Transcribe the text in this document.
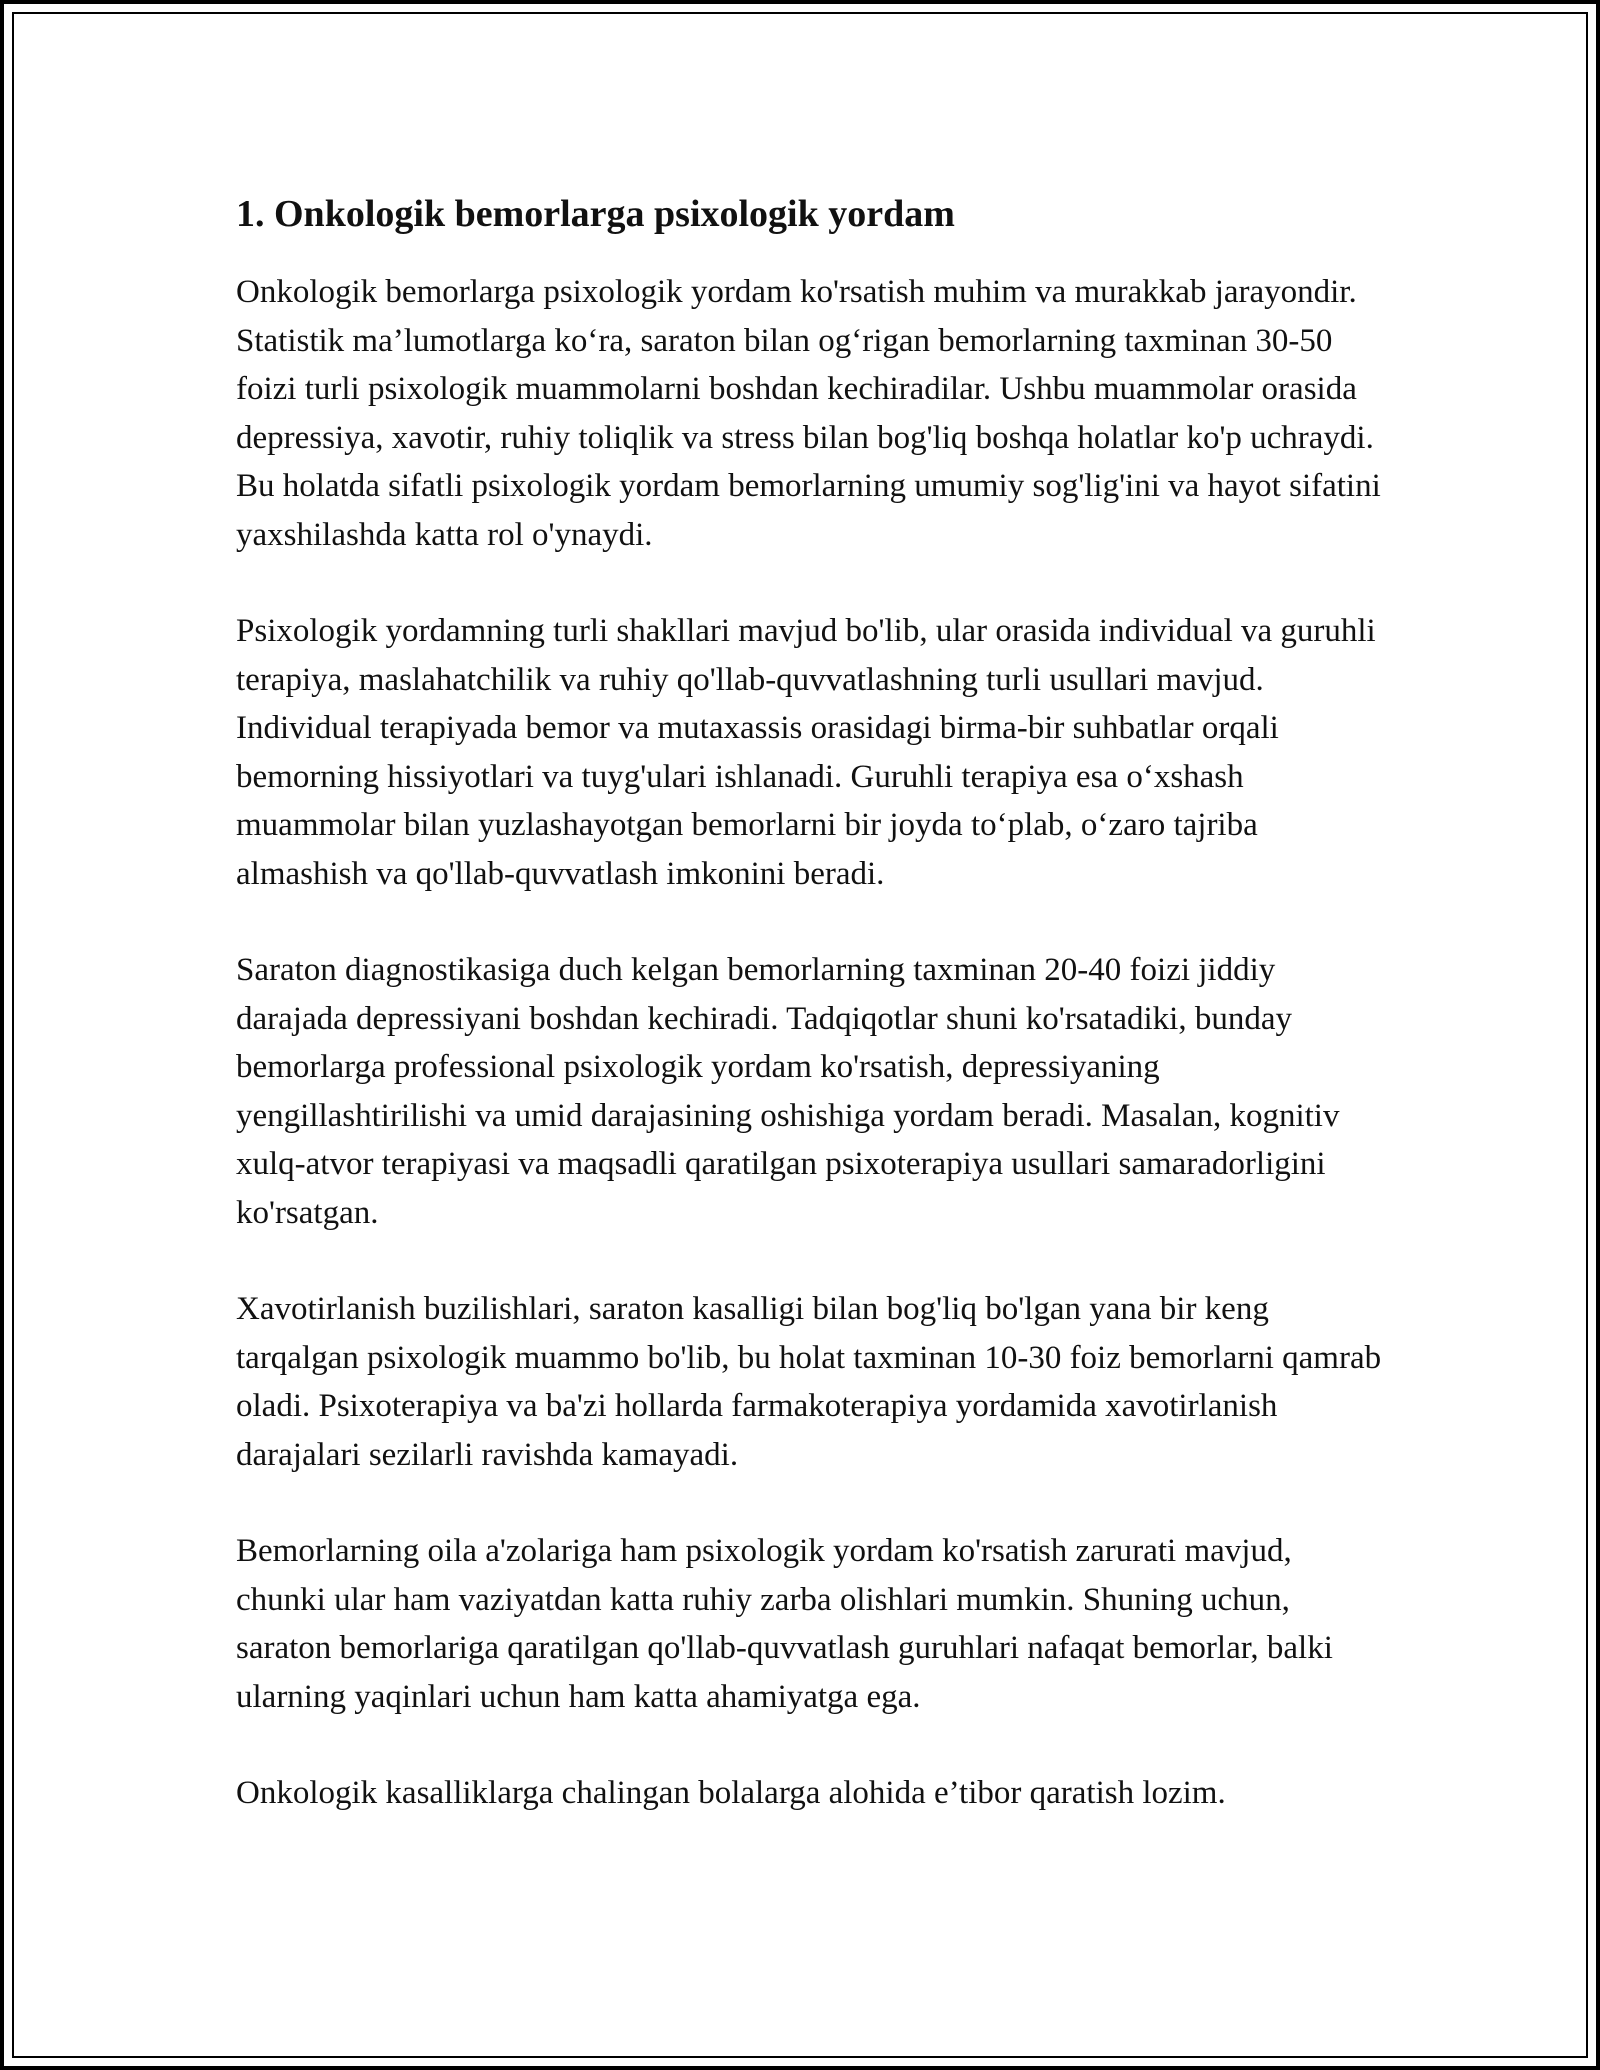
1. Onkologik bemorlarga psixologik yordam

Onkologik bemorlarga psixologik yordam ko'rsatish muhim va murakkab jarayondir. Statistik ma’lumotlarga ko‘ra, saraton bilan og‘rigan bemorlarning taxminan 30-50 foizi turli psixologik muammolarni boshdan kechiradilar. Ushbu muammolar orasida depressiya, xavotir, ruhiy toliqlik va stress bilan bog'liq boshqa holatlar ko'p uchraydi. Bu holatda sifatli psixologik yordam bemorlarning umumiy sog'lig'ini va hayot sifatini yaxshilashda katta rol o'ynaydi.

Psixologik yordamning turli shakllari mavjud bo'lib, ular orasida individual va guruhli terapiya, maslahatchilik va ruhiy qo'llab-quvvatlashning turli usullari mavjud. Individual terapiyada bemor va mutaxassis orasidagi birma-bir suhbatlar orqali bemorning hissiyotlari va tuyg'ulari ishlanadi. Guruhli terapiya esa o‘xshash muammolar bilan yuzlashayotgan bemorlarni bir joyda to‘plab, o‘zaro tajriba almashish va qo'llab-quvvatlash imkonini beradi.

Saraton diagnostikasiga duch kelgan bemorlarning taxminan 20-40 foizi jiddiy darajada depressiyani boshdan kechiradi. Tadqiqotlar shuni ko'rsatadiki, bunday bemorlarga professional psixologik yordam ko'rsatish, depressiyaning yengillashtirilishi va umid darajasining oshishiga yordam beradi. Masalan, kognitiv xulq-atvor terapiyasi va maqsadli qaratilgan psixoterapiya usullari samaradorligini ko'rsatgan.

Xavotirlanish buzilishlari, saraton kasalligi bilan bog'liq bo'lgan yana bir keng tarqalgan psixologik muammo bo'lib, bu holat taxminan 10-30 foiz bemorlarni qamrab oladi. Psixoterapiya va ba'zi hollarda farmakoterapiya yordamida xavotirlanish darajalari sezilarli ravishda kamayadi.

Bemorlarning oila a'zolariga ham psixologik yordam ko'rsatish zarurati mavjud, chunki ular ham vaziyatdan katta ruhiy zarba olishlari mumkin. Shuning uchun, saraton bemorlariga qaratilgan qo'llab-quvvatlash guruhlari nafaqat bemorlar, balki ularning yaqinlari uchun ham katta ahamiyatga ega.

Onkologik kasalliklarga chalingan bolalarga alohida e’tibor qaratish lozim.
